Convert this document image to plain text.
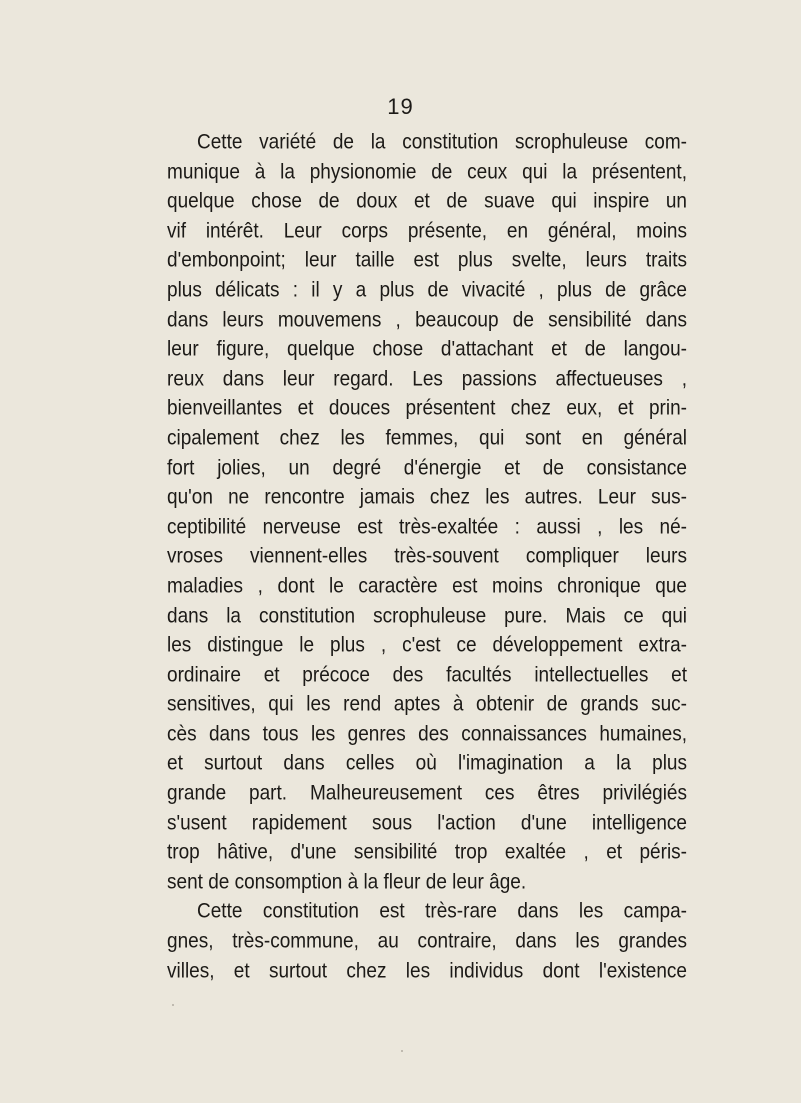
19
Cette variété de la constitution scrophuleuse com-
munique à la physionomie de ceux qui la présentent,
quelque chose de doux et de suave qui inspire un
vif intérêt. Leur corps présente, en général, moins
d'embonpoint; leur taille est plus svelte, leurs traits
plus délicats : il y a plus de vivacité , plus de grâce
dans leurs mouvemens , beaucoup de sensibilité dans
leur figure, quelque chose d'attachant et de langou-
reux dans leur regard. Les passions affectueuses ,
bienveillantes et douces présentent chez eux, et prin-
cipalement chez les femmes, qui sont en général
fort jolies, un degré d'énergie et de consistance
qu'on ne rencontre jamais chez les autres. Leur sus-
ceptibilité nerveuse est très-exaltée : aussi , les né-
vroses viennent-elles très-souvent compliquer leurs
maladies , dont le caractère est moins chronique que
dans la constitution scrophuleuse pure. Mais ce qui
les distingue le plus , c'est ce développement extra-
ordinaire et précoce des facultés intellectuelles et
sensitives, qui les rend aptes à obtenir de grands suc-
cès dans tous les genres des connaissances humaines,
et surtout dans celles où l'imagination a la plus
grande part. Malheureusement ces êtres privilégiés
s'usent rapidement sous l'action d'une intelligence
trop hâtive, d'une sensibilité trop exaltée , et péris-
sent de consomption à la fleur de leur âge.
Cette constitution est très-rare dans les campa-
gnes, très-commune, au contraire, dans les grandes
villes, et surtout chez les individus dont l'existence
